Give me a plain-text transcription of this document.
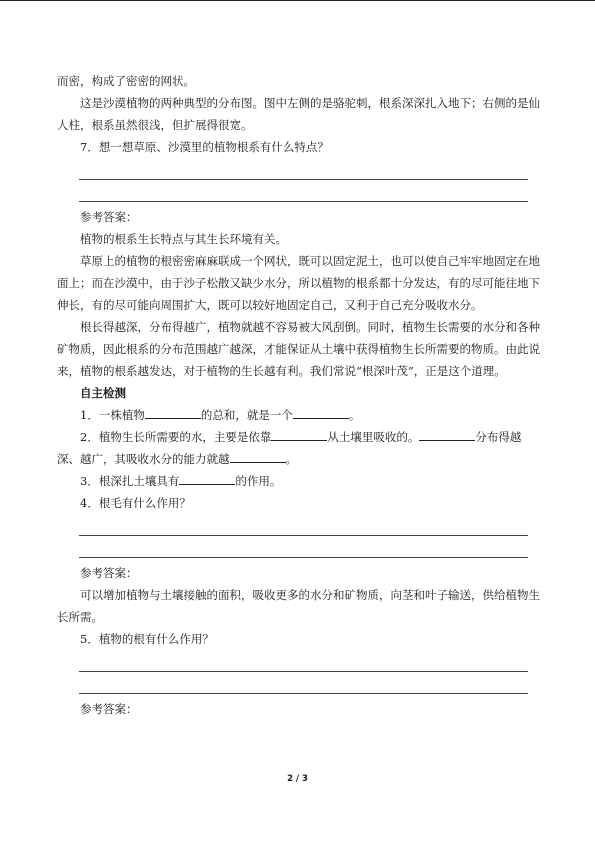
而密，构成了密密的网状。

这是沙漠植物的两种典型的分布图。图中左侧的是骆驼刺，根系深深扎入地下；右侧的是仙人柱，根系虽然很浅，但扩展得很宽。

7．想一想草原、沙漠里的植物根系有什么特点？

参考答案：

植物的根系生长特点与其生长环境有关。

草原上的植物的根密密麻麻联成一个网状，既可以固定泥土，也可以使自己牢牢地固定在地面上；而在沙漠中，由于沙子松散又缺少水分，所以植物的根系都十分发达，有的尽可能往地下伸长，有的尽可能向周围扩大，既可以较好地固定自己，又利于自己充分吸收水分。

根长得越深，分布得越广，植物就越不容易被大风刮倒。同时，植物生长需要的水分和各种矿物质，因此根系的分布范围越广越深，才能保证从土壤中获得植物生长所需要的物质。由此说来，植物的根系越发达，对于植物的生长越有利。我们常说“根深叶茂”，正是这个道理。

自主检测

1．一株植物	的总和，就是一个	。

2．植物生长所需要的水，主要是依靠	从土壤里吸收的。	分布得越深、越广，其吸收水分的能力就越	。

3．根深扎土壤具有	的作用。

4．根毛有什么作用？

参考答案：

可以增加植物与土壤接触的面积，吸收更多的水分和矿物质，向茎和叶子输送，供给植物生长所需。

5．植物的根有什么作用？

参考答案：

2 / 3
